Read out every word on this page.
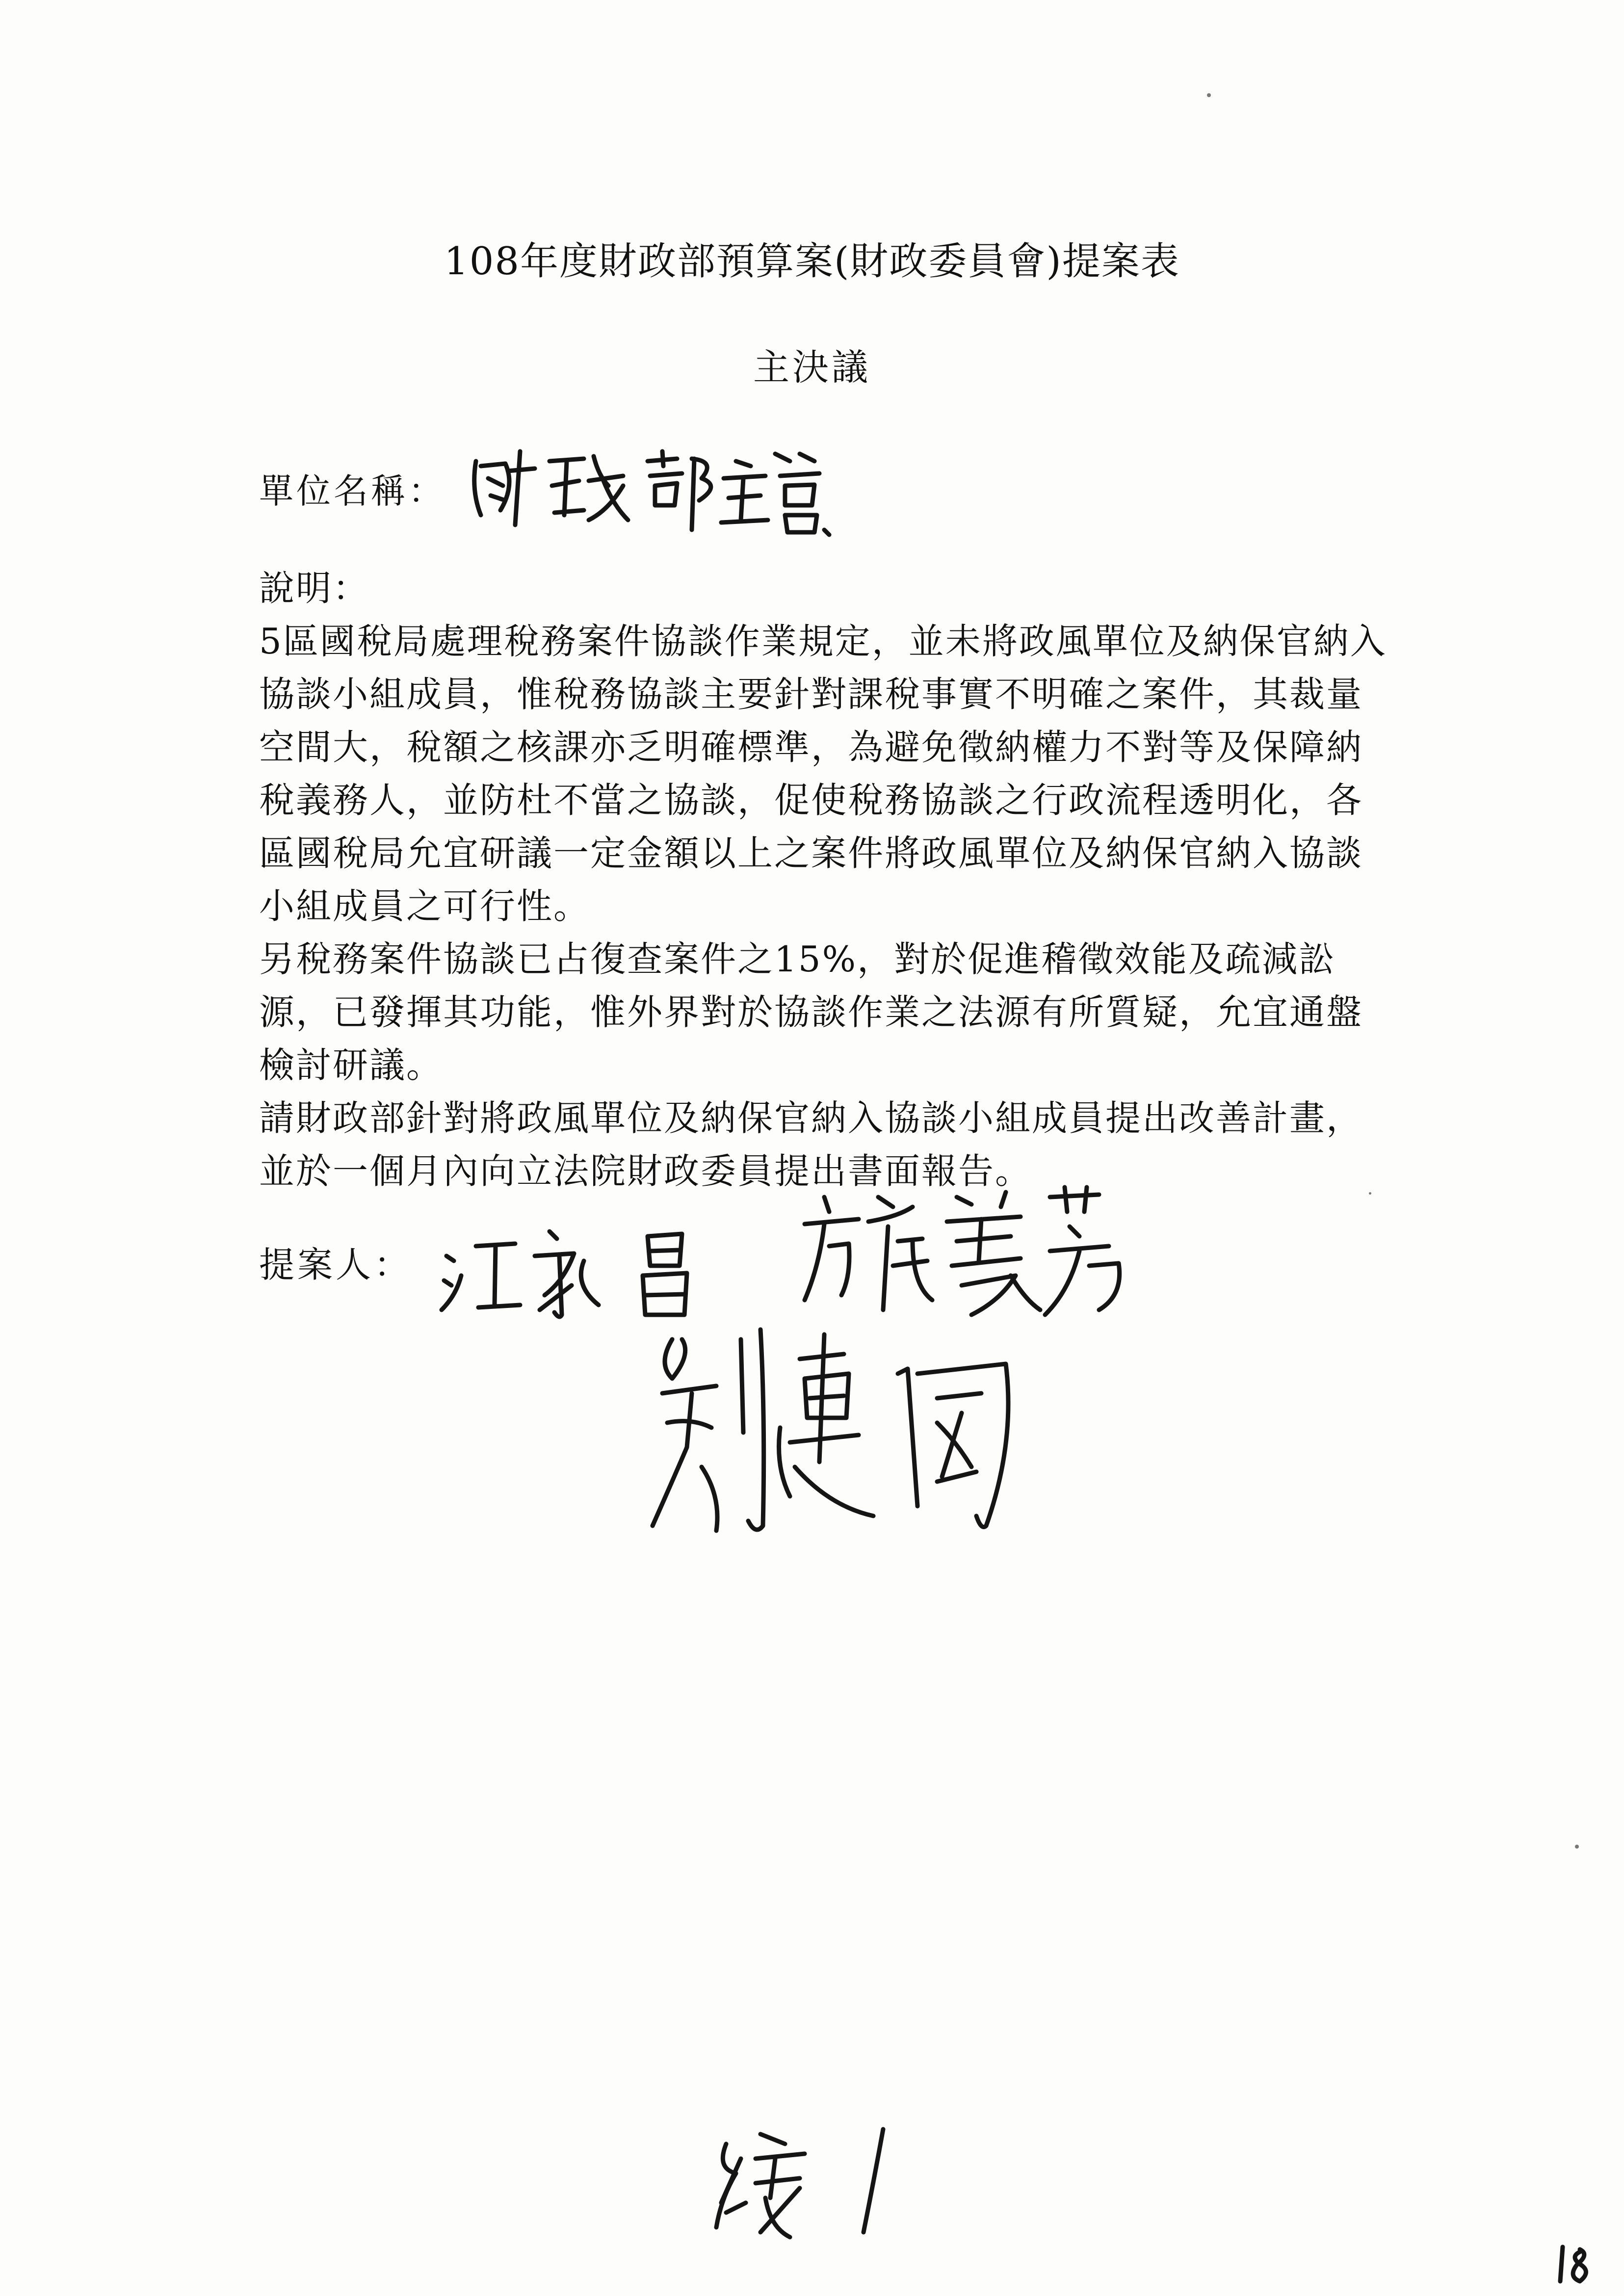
108年度財政部預算案(財政委員會)提案表
主決議
單位名稱：

說明：

5區國稅局處理稅務案件協談作業規定，並未將政風單位及納保官納入協談小組成員，惟稅務協談主要針對課稅事實不明確之案件，其裁量空間大，稅額之核課亦乏明確標準，為避免徵納權力不對等及保障納稅義務人，並防杜不當之協談，促使稅務協談之行政流程透明化，各區國稅局允宜研議一定金額以上之案件將政風單位及納保官納入協談小組成員之可行性。

另稅務案件協談已占復查案件之15%，對於促進稽徵效能及疏減訟源，已發揮其功能，惟外界對於協談作業之法源有所質疑，允宜通盤檢討研議。

請財政部針對將政風單位及納保官納入協談小組成員提出改善計畫，並於一個月內向立法院財政委員提出書面報告。

提案人：
